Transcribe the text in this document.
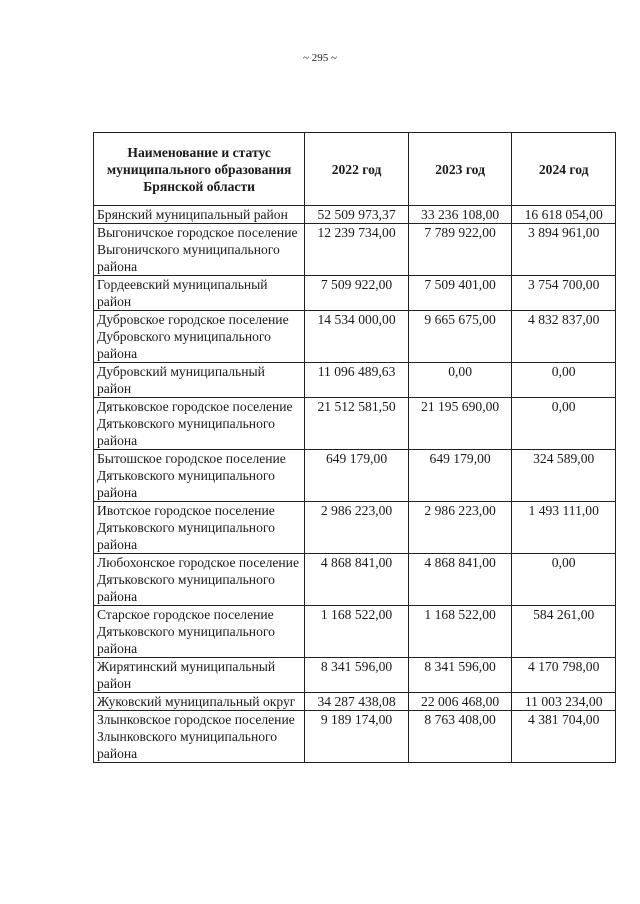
~ 295 ~
Наименование и статус муниципального образования Брянской области	2022 год	2023 год	2024 год
Брянский муниципальный район	52 509 973,37	33 236 108,00	16 618 054,00
Выгоничское городское поселение Выгоничского муниципального района	12 239 734,00	7 789 922,00	3 894 961,00
Гордеевский муниципальный район	7 509 922,00	7 509 401,00	3 754 700,00
Дубровское городское поселение Дубровского муниципального района	14 534 000,00	9 665 675,00	4 832 837,00
Дубровский муниципальный район	11 096 489,63	0,00	0,00
Дятьковское городское поселение Дятьковского муниципального района	21 512 581,50	21 195 690,00	0,00
Бытошское городское поселение Дятьковского муниципального района	649 179,00	649 179,00	324 589,00
Ивотское городское поселение Дятьковского муниципального района	2 986 223,00	2 986 223,00	1 493 111,00
Любохонское городское поселение Дятьковского муниципального района	4 868 841,00	4 868 841,00	0,00
Старское городское поселение Дятьковского муниципального района	1 168 522,00	1 168 522,00	584 261,00
Жирятинский муниципальный район	8 341 596,00	8 341 596,00	4 170 798,00
Жуковский муниципальный округ	34 287 438,08	22 006 468,00	11 003 234,00
Злынковское городское поселение Злынковского муниципального района	9 189 174,00	8 763 408,00	4 381 704,00
